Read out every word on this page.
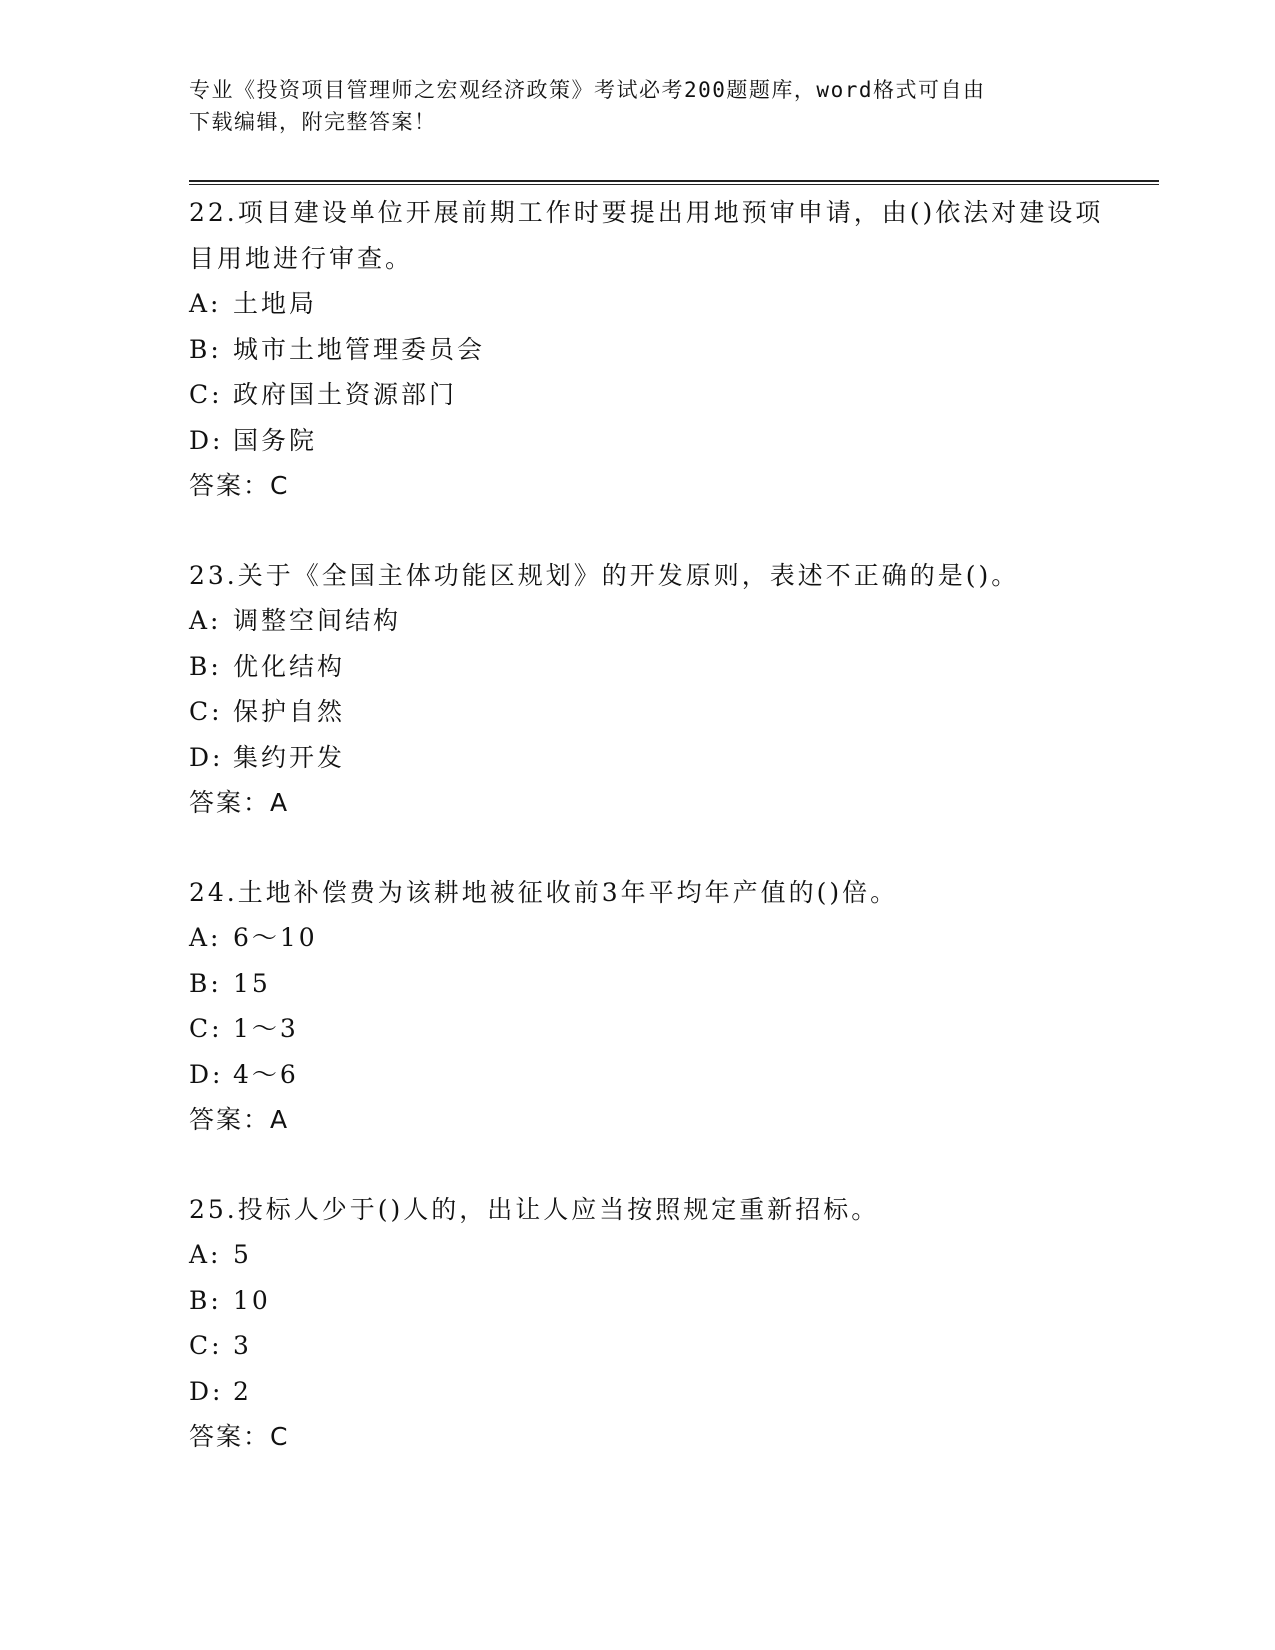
专业《投资项目管理师之宏观经济政策》考试必考200题题库，word格式可自由
下载编辑，附完整答案！

22.项目建设单位开展前期工作时要提出用地预审申请，由()依法对建设项目用地进行审查。

A: 土地局

B: 城市土地管理委员会

C: 政府国土资源部门

D: 国务院

答案：C

23.关于《全国主体功能区规划》的开发原则，表述不正确的是()。

A: 调整空间结构

B: 优化结构

C: 保护自然

D: 集约开发

答案：A

24.土地补偿费为该耕地被征收前3年平均年产值的()倍。

A: 6～10

B: 15

C: 1～3

D: 4～6

答案：A

25.投标人少于()人的，出让人应当按照规定重新招标。

A: 5

B: 10

C: 3

D: 2

答案：C
